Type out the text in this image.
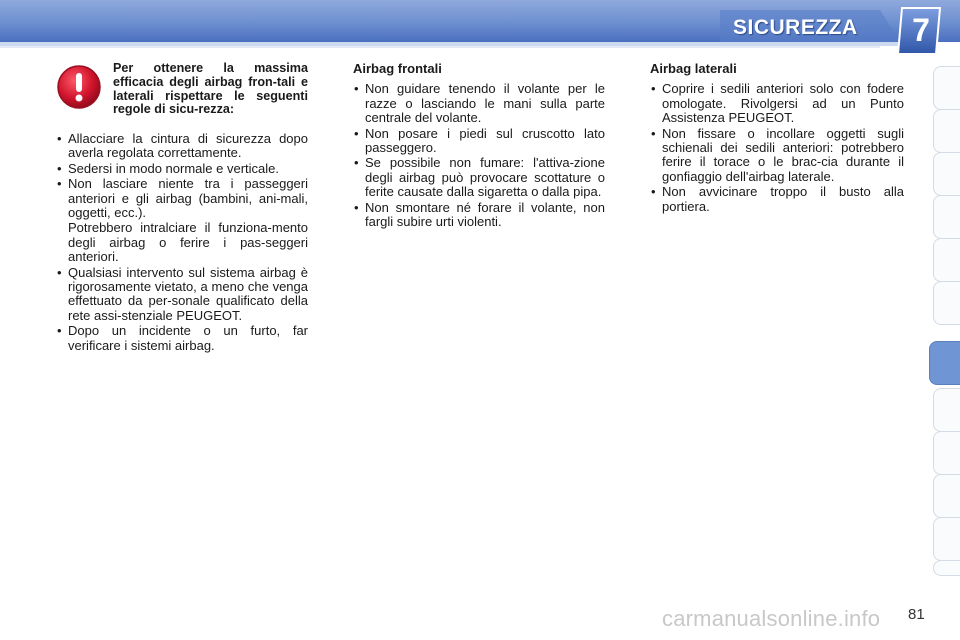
SICUREZZA	7
Per ottenere la massima efficacia degli airbag fron-tali e laterali rispettare le seguenti regole di sicu-rezza:
• Allacciare la cintura di sicurezza dopo averla regolata correttamente.
• Sedersi in modo normale e verticale.
• Non lasciare niente tra i passeggeri anteriori e gli airbag (bambini, ani-mali, oggetti, ecc.).
Potrebbero intralciare il funziona-mento degli airbag o ferire i pas-seggeri anteriori.
• Qualsiasi intervento sul sistema airbag è rigorosamente vietato, a meno che venga effettuato da per-sonale qualificato della rete assi-stenziale PEUGEOT.
• Dopo un incidente o un furto, far verificare i sistemi airbag.
Airbag frontali
• Non guidare tenendo il volante per le razze o lasciando le mani sulla parte centrale del volante.
• Non posare i piedi sul cruscotto lato passeggero.
• Se possibile non fumare: l'attiva-zione degli airbag può provocare scottature o ferite causate dalla sigaretta o dalla pipa.
• Non smontare né forare il volante, non fargli subire urti violenti.
Airbag laterali
• Coprire i sedili anteriori solo con fodere omologate. Rivolgersi ad un Punto Assistenza PEUGEOT.
• Non fissare o incollare oggetti sugli schienali dei sedili anteriori: potrebbero ferire il torace o le brac-cia durante il gonfiaggio dell'airbag laterale.
• Non avvicinare troppo il busto alla portiera.
carmanualsonline.info 81
